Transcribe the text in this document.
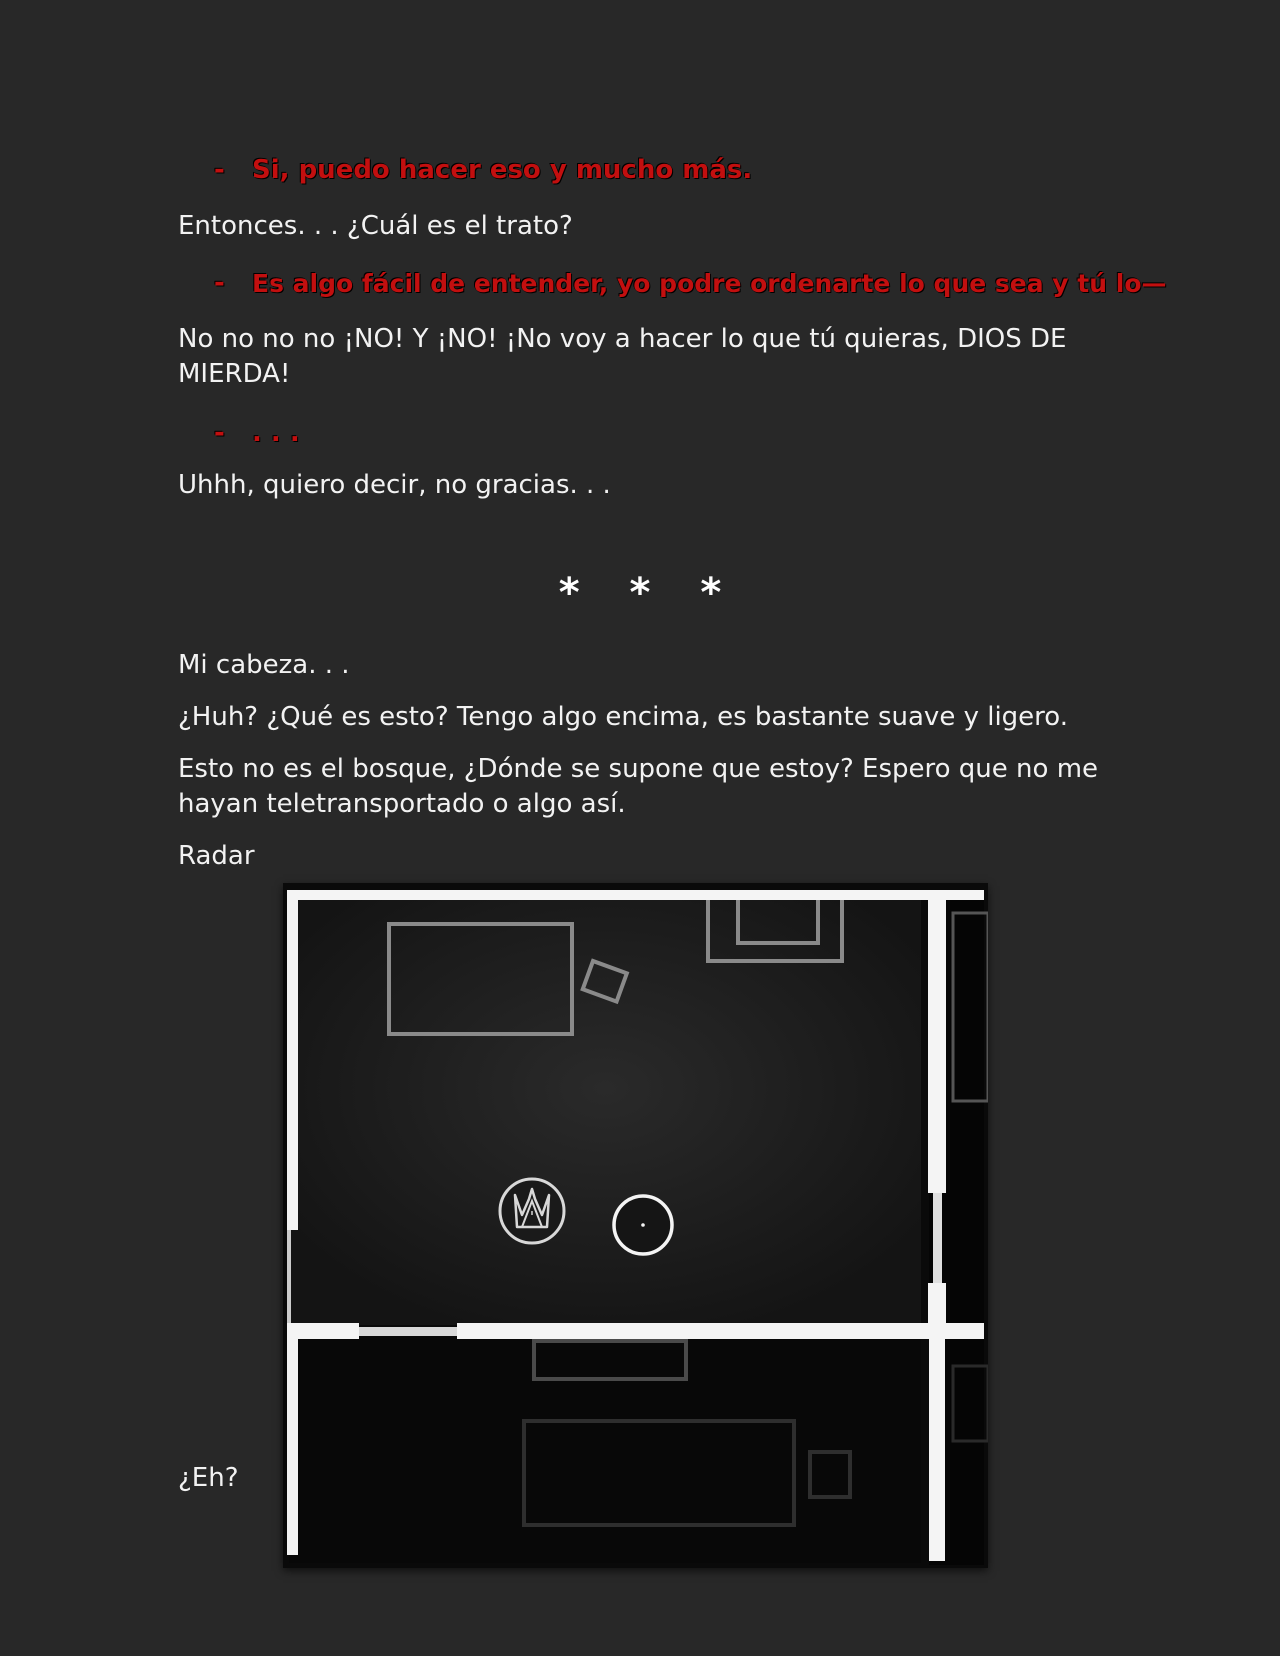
- Si, puedo hacer eso y mucho más.

Entonces. . . ¿Cuál es el trato?

- Es algo fácil de entender, yo podre ordenarte lo que sea y tú lo—

No no no no ¡NO! Y ¡NO! ¡No voy a hacer lo que tú quieras, DIOS DE

MIERDA!

- . . .

Uhhh, quiero decir, no gracias. . .

* * *

Mi cabeza. . .

¿Huh? ¿Qué es esto? Tengo algo encima, es bastante suave y ligero.

Esto no es el bosque, ¿Dónde se supone que estoy? Espero que no me

hayan teletransportado o algo así.

Radar

¿Eh?
